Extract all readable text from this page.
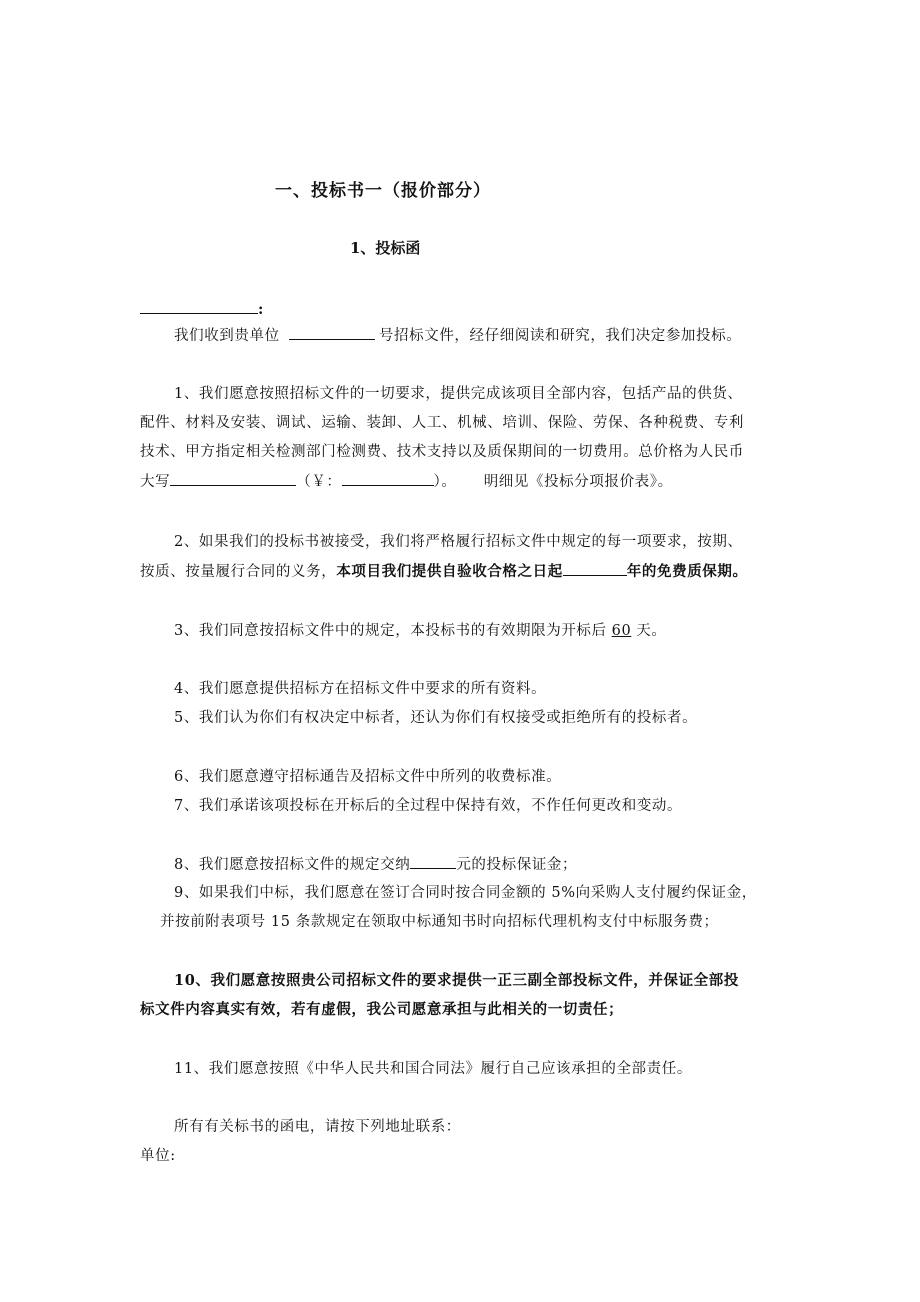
一、投标书一（报价部分）
1、投标函
:
我们收到贵单位	号招标文件，经仔细阅读和研究，我们决定参加投标。
1、我们愿意按照招标文件的一切要求，提供完成该项目全部内容，包括产品的供货、
配件、材料及安装、调试、运输、装卸、人工、机械、培训、保险、劳保、各种税费、专利
技术、甲方指定相关检测部门检测费、技术支持以及质保期间的一切费用。总价格为人民币
大写	（￥：	）。 明细见《投标分项报价表》。
2、如果我们的投标书被接受，我们将严格履行招标文件中规定的每一项要求，按期、
按质、按量履行合同的义务，本项目我们提供自验收合格之日起	年的免费质保期。
3、我们同意按招标文件中的规定，本投标书的有效期限为开标后 60 天。
4、我们愿意提供招标方在招标文件中要求的所有资料。
5、我们认为你们有权决定中标者，还认为你们有权接受或拒绝所有的投标者。
6、我们愿意遵守招标通告及招标文件中所列的收费标准。
7、我们承诺该项投标在开标后的全过程中保持有效，不作任何更改和变动。
8、我们愿意按招标文件的规定交纳	元的投标保证金；
9、如果我们中标，我们愿意在签订合同时按合同金额的 5%向采购人支付履约保证金，
并按前附表项号 15 条款规定在领取中标通知书时向招标代理机构支付中标服务费；
10、我们愿意按照贵公司招标文件的要求提供一正三副全部投标文件，并保证全部投
标文件内容真实有效，若有虚假，我公司愿意承担与此相关的一切责任；
11、我们愿意按照《中华人民共和国合同法》履行自己应该承担的全部责任。
所有有关标书的函电，请按下列地址联系：
单位:
